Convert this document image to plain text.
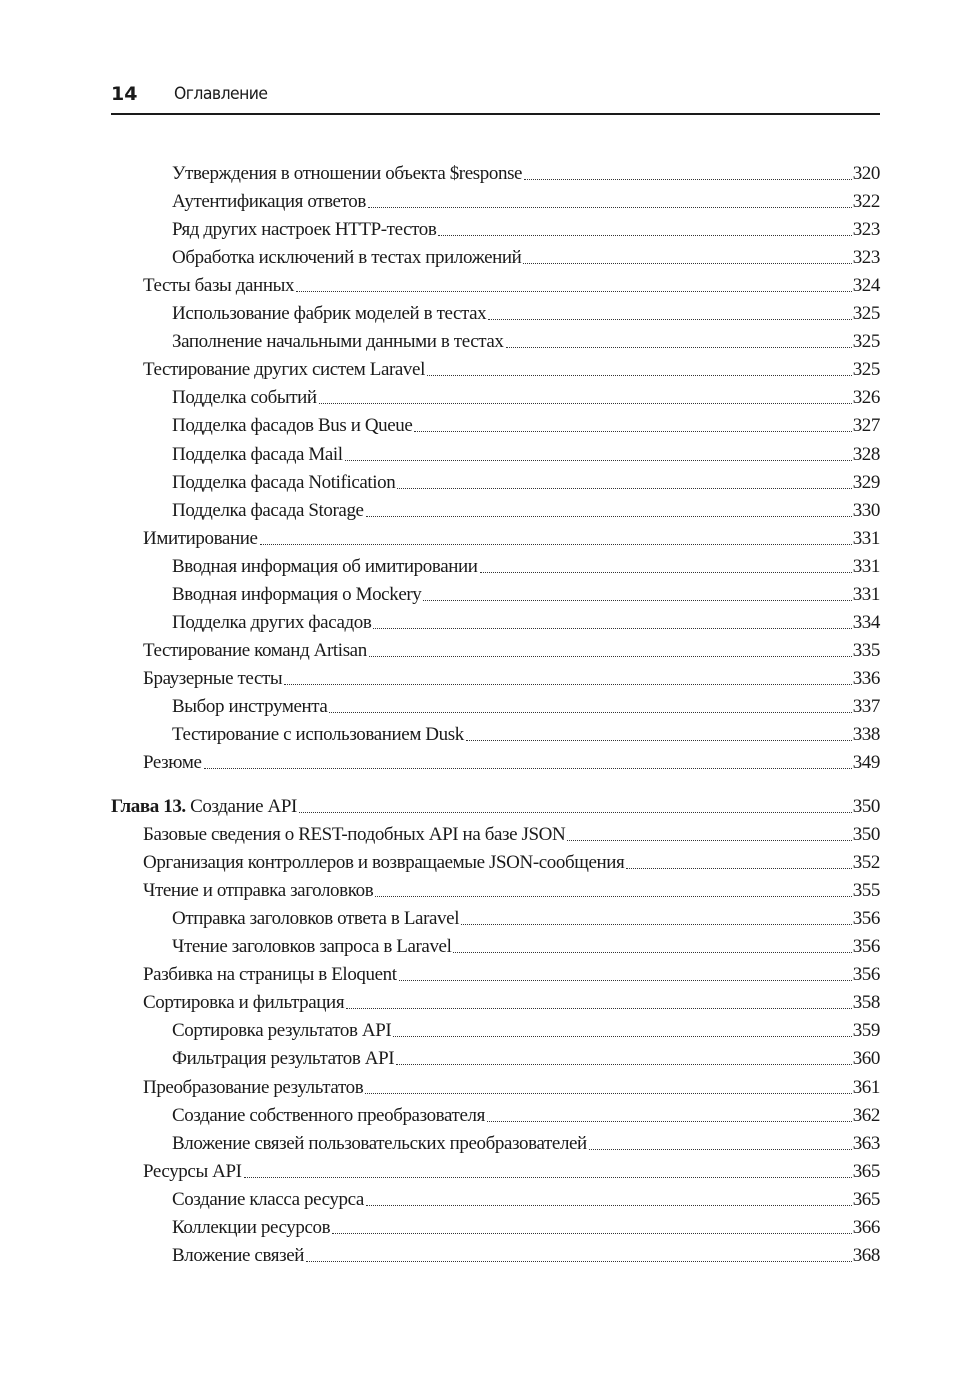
14 Оглавление
Утверждения в отношении объекта $response	320
Аутентификация ответов	322
Ряд других настроек HTTP-тестов	323
Обработка исключений в тестах приложений	323
Тесты базы данных	324
Использование фабрик моделей в тестах	325
Заполнение начальными данными в тестах	325
Тестирование других систем Laravel	325
Подделка событий	326
Подделка фасадов Bus и Queue	327
Подделка фасада Mail	328
Подделка фасада Notification	329
Подделка фасада Storage	330
Имитирование	331
Вводная информация об имитировании	331
Вводная информация о Mockery	331
Подделка других фасадов	334
Тестирование команд Artisan	335
Браузерные тесты	336
Выбор инструмента	337
Тестирование с использованием Dusk	338
Резюме	349
Глава 13. Создание API	350
Базовые сведения о REST-подобных API на базе JSON	350
Организация контроллеров и возвращаемые JSON-сообщения	352
Чтение и отправка заголовков	355
Отправка заголовков ответа в Laravel	356
Чтение заголовков запроса в Laravel	356
Разбивка на страницы в Eloquent	356
Сортировка и фильтрация	358
Сортировка результатов API	359
Фильтрация результатов API	360
Преобразование результатов	361
Создание собственного преобразователя	362
Вложение связей пользовательских преобразователей	363
Ресурсы API	365
Создание класса ресурса	365
Коллекции ресурсов	366
Вложение связей	368
